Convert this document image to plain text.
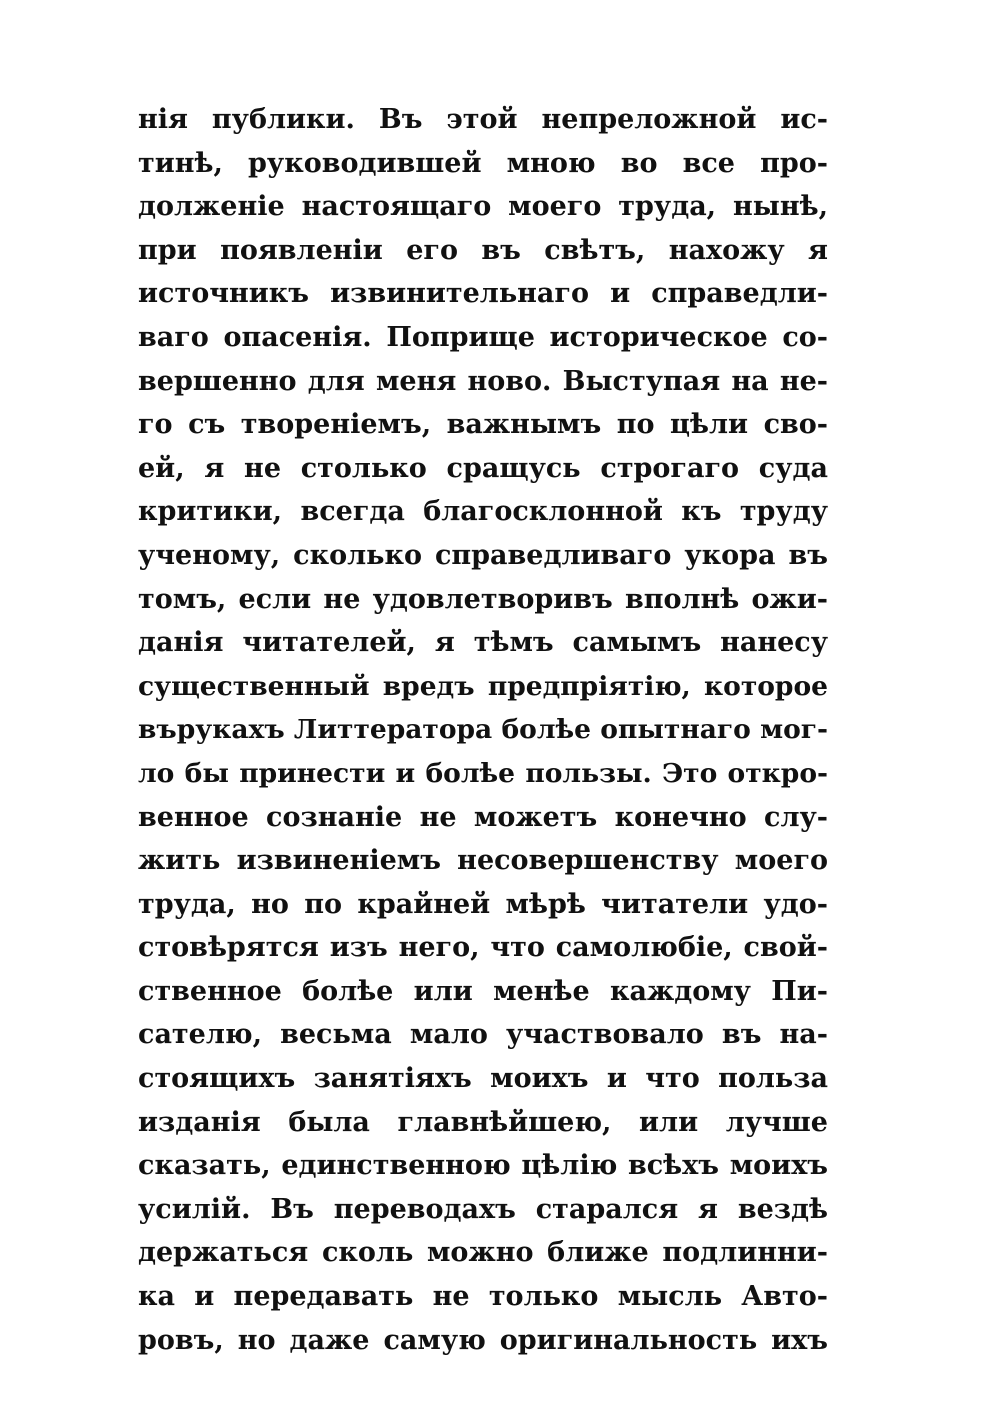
нія публики. Въ этой непреложной ис-
тинѣ, руководившей мною во все про-
долженіе настоящаго моего труда, нынѣ,
при появленіи его въ свѣтъ, нахожу я
источникъ извинительнаго и справедли-
ваго опасенія. Поприще историческое со-
вершенно для меня ново. Выступая на не-
го съ твореніемъ, важнымъ по цѣли сво-
ей, я не столько сращусь строгаго суда
критики, всегда благосклонной къ труду
ученому, сколько справедливаго укора въ
томъ, если не удовлетворивъ вполнѣ ожи-
данія читателей, я тѣмъ самымъ нанесу
существенный вредъ предпріятію, которое
върукахъ Литтератора болѣе опытнаго мог-
ло бы принести и болѣе пользы. Это откро-
венное сознаніе не можетъ конечно слу-
жить извиненіемъ несовершенству моего
труда, но по крайней мѣрѣ читатели удо-
стовѣрятся изъ него, что самолюбіе, свой-
ственное болѣе или менѣе каждому Пи-
сателю, весьма мало участвовало въ на-
стоящихъ занятіяхъ моихъ и что польза
изданія была главнѣйшею, или лучше
сказать, единственною цѣлію всѣхъ моихъ
усилій. Въ переводахъ старался я вездѣ
держаться сколь можно ближе подлинни-
ка и передавать не только мысль Авто-
ровъ, но даже самую оригинальность ихъ
